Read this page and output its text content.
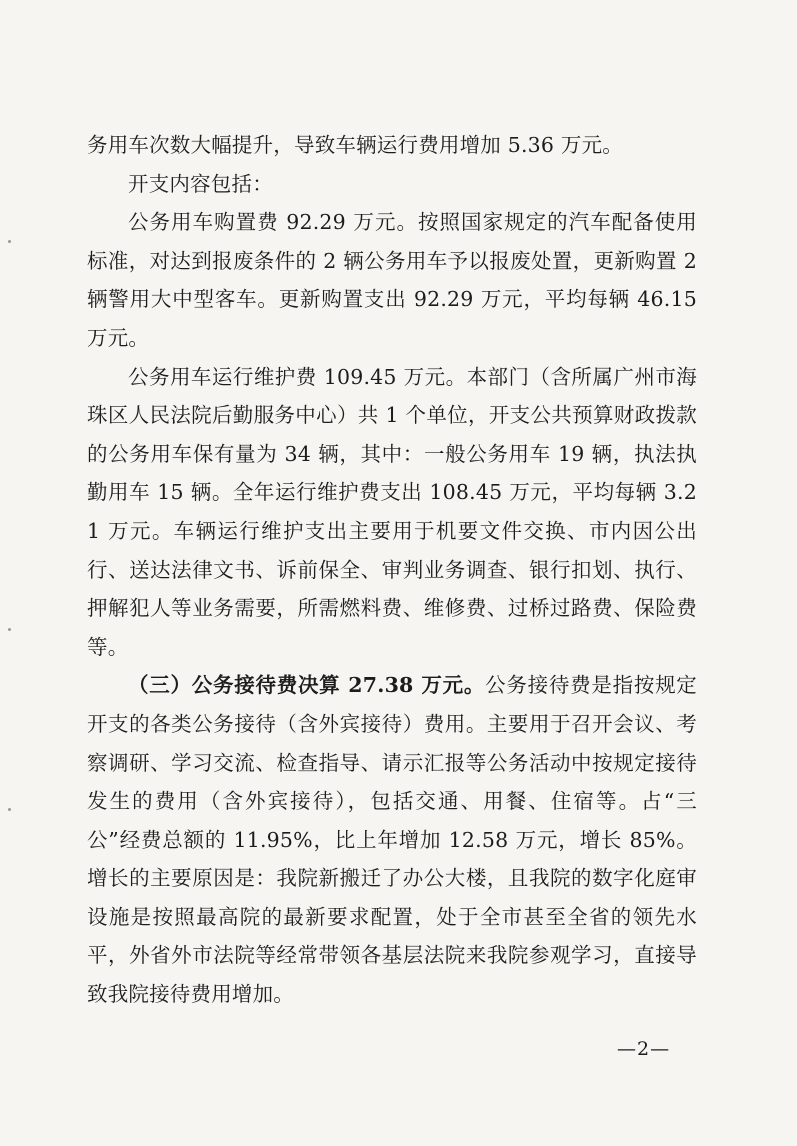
务用车次数大幅提升，导致车辆运行费用增加 5.36 万元。

开支内容包括：

公务用车购置费 92.29 万元。按照国家规定的汽车配备使用标准，对达到报废条件的 2 辆公务用车予以报废处置，更新购置 2 辆警用大中型客车。更新购置支出 92.29 万元，平均每辆 46.15 万元。

公务用车运行维护费 109.45 万元。本部门（含所属广州市海珠区人民法院后勤服务中心）共 1 个单位，开支公共预算财政拨款的公务用车保有量为 34 辆，其中：一般公务用车 19 辆，执法执勤用车 15 辆。全年运行维护费支出 108.45 万元，平均每辆 3.21 万元。车辆运行维护支出主要用于机要文件交换、市内因公出行、送达法律文书、诉前保全、审判业务调查、银行扣划、执行、押解犯人等业务需要，所需燃料费、维修费、过桥过路费、保险费等。

（三）公务接待费决算 27.38 万元。公务接待费是指按规定开支的各类公务接待（含外宾接待）费用。主要用于召开会议、考察调研、学习交流、检查指导、请示汇报等公务活动中按规定接待发生的费用（含外宾接待），包括交通、用餐、住宿等。占“三公”经费总额的 11.95%，比上年增加 12.58 万元，增长 85%。增长的主要原因是：我院新搬迁了办公大楼，且我院的数字化庭审设施是按照最高院的最新要求配置，处于全市甚至全省的领先水平，外省外市法院等经常带领各基层法院来我院参观学习，直接导致我院接待费用增加。

—2—
